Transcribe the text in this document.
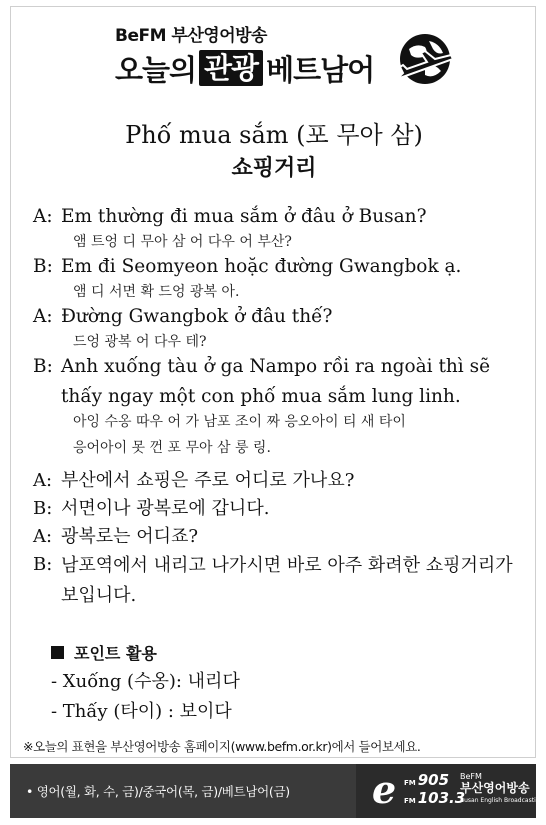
BeFM 부산영어방송
오늘의 관광 베트남어
Phố mua sắm (포 무아 삼)
쇼핑거리
A: Em thường đi mua sắm ở đâu ở Busan?
앰 트엉 디 무아 삼 어 다우 어 부산?
B: Em đi Seomyeon hoặc đường Gwangbok ạ.
앰 디 서면 확 드엉 광복 아.
A: Đường Gwangbok ở đâu thế?
드엉 광복 어 다우 테?
B: Anh xuống tàu ở ga Nampo rồi ra ngoài thì sẽ
thấy ngay một con phố mua sắm lung linh.
아잉 수옹 따우 어 가 남포 조이 짜 응오아이 티 새 타이
응어아이 못 껀 포 무아 삼 룽 링.
A: 부산에서 쇼핑은 주로 어디로 가나요?
B: 서면이나 광복로에 갑니다.
A: 광복로는 어디죠?
B: 남포역에서 내리고 나가시면 바로 아주 화려한 쇼핑거리가 보입니다.
포인트 활용
- Xuống (수옹): 내리다
- Thấy (타이) : 보이다
※오늘의 표현을 부산영어방송 홈페이지(www.befm.or.kr)에서 들어보세요.
• 영어(월, 화, 수, 금)/중국어(목, 금)/베트남어(금) e FM 905
FM 103.3
BeFM
부산영어방송
Busan English Broadcasting
